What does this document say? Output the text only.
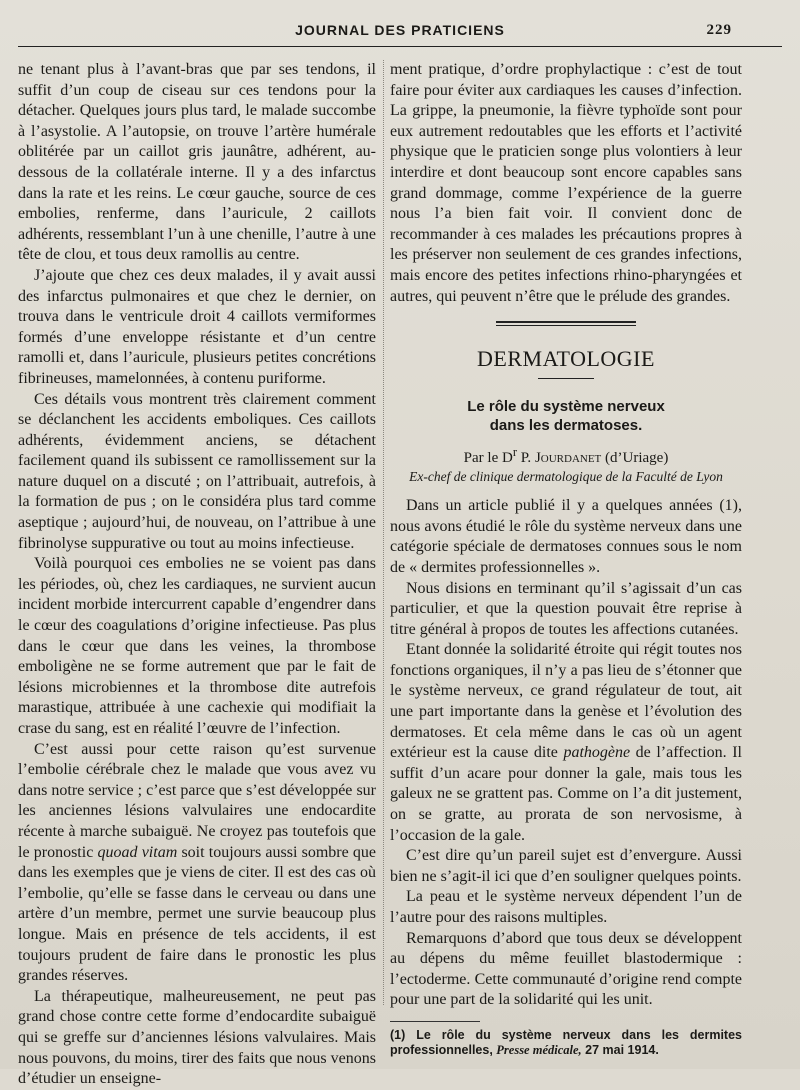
JOURNAL DES PRATICIENS	229

ne tenant plus à l’avant-bras que par ses tendons, il suffit d’un coup de ciseau sur ces tendons pour la détacher. Quelques jours plus tard, le malade succombe à l’asystolie. A l’autopsie, on trouve l’artère humérale oblitérée par un caillot gris jaunâtre, adhérent, au-dessous de la collatérale interne. Il y a des infarctus dans la rate et les reins. Le cœur gauche, source de ces embolies, renferme, dans l’auricule, 2 caillots adhérents, ressemblant l’un à une chenille, l’autre à une tête de clou, et tous deux ramollis au centre.

J’ajoute que chez ces deux malades, il y avait aussi des infarctus pulmonaires et que chez le dernier, on trouva dans le ventricule droit 4 caillots vermiformes formés d’une enveloppe résistante et d’un centre ramolli et, dans l’auricule, plusieurs petites concrétions fibrineuses, mamelonnées, à contenu puriforme.

Ces détails vous montrent très clairement comment se déclanchent les accidents emboliques. Ces caillots adhérents, évidemment anciens, se détachent facilement quand ils subissent ce ramollissement sur la nature duquel on a discuté ; on l’attribuait, autrefois, à la formation de pus ; on le considéra plus tard comme aseptique ; aujourd’hui, de nouveau, on l’attribue à une fibrinolyse suppurative ou tout au moins infectieuse.

Voilà pourquoi ces embolies ne se voient pas dans les périodes, où, chez les cardiaques, ne survient aucun incident morbide intercurrent capable d’engendrer dans le cœur des coagulations d’origine infectieuse. Pas plus dans le cœur que dans les veines, la thrombose emboligène ne se forme autrement que par le fait de lésions microbiennes et la thrombose dite autrefois marastique, attribuée à une cachexie qui modifiait la crase du sang, est en réalité l’œuvre de l’infection.

C’est aussi pour cette raison qu’est survenue l’embolie cérébrale chez le malade que vous avez vu dans notre service ; c’est parce que s’est développée sur les anciennes lésions valvulaires une endocardite récente à marche subaiguë. Ne croyez pas toutefois que le pronostic quoad vitam soit toujours aussi sombre que dans les exemples que je viens de citer. Il est des cas où l’embolie, qu’elle se fasse dans le cerveau ou dans une artère d’un membre, permet une survie beaucoup plus longue. Mais en présence de tels accidents, il est toujours prudent de faire dans le pronostic les plus grandes réserves.

La thérapeutique, malheureusement, ne peut pas grand chose contre cette forme d’endocardite subaiguë qui se greffe sur d’anciennes lésions valvulaires. Mais nous pouvons, du moins, tirer des faits que nous venons d’étudier un enseigne-

ment pratique, d’ordre prophylactique : c’est de tout faire pour éviter aux cardiaques les causes d’infection. La grippe, la pneumonie, la fièvre typhoïde sont pour eux autrement redoutables que les efforts et l’activité physique que le praticien songe plus volontiers à leur interdire et dont beaucoup sont encore capables sans grand dommage, comme l’expérience de la guerre nous l’a bien fait voir. Il convient donc de recommander à ces malades les précautions propres à les préserver non seulement de ces grandes infections, mais encore des petites infections rhino-pharyngées et autres, qui peuvent n’être que le prélude des grandes.

DERMATOLOGIE
Le rôle du système nerveux
dans les dermatoses.
Par le $D^r$ P. Jourdanet (d’Uriage)
Ex-chef de clinique dermatologique de la Faculté de Lyon

Dans un article publié il y a quelques années (1), nous avons étudié le rôle du système nerveux dans une catégorie spéciale de dermatoses connues sous le nom de « dermites professionnelles ».

Nous disions en terminant qu’il s’agissait d’un cas particulier, et que la question pouvait être reprise à titre général à propos de toutes les affections cutanées.

Etant donnée la solidarité étroite qui régit toutes nos fonctions organiques, il n’y a pas lieu de s’étonner que le système nerveux, ce grand régulateur de tout, ait une part importante dans la genèse et l’évolution des dermatoses. Et cela même dans le cas où un agent extérieur est la cause dite pathogène de l’affection. Il suffit d’un acare pour donner la gale, mais tous les galeux ne se grattent pas. Comme on l’a dit justement, on se gratte, au prorata de son nervosisme, à l’occasion de la gale.

C’est dire qu’un pareil sujet est d’envergure. Aussi bien ne s’agit-il ici que d’en souligner quelques points.

La peau et le système nerveux dépendent l’un de l’autre pour des raisons multiples.

Remarquons d’abord que tous deux se développent au dépens du même feuillet blastodermique : l’ectoderme. Cette communauté d’origine rend compte pour une part de la solidarité qui les unit.

(1) Le rôle du système nerveux dans les dermites professionnelles, Presse médicale, 27 mai 1914.
